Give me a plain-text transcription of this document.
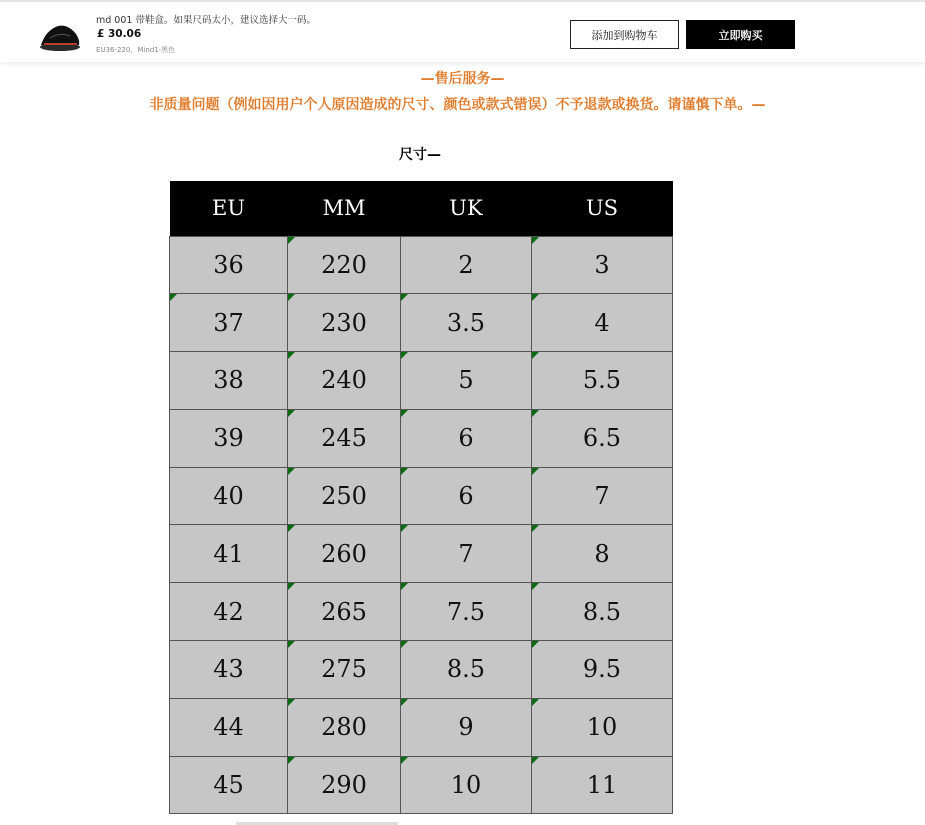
md 001 带鞋盒。如果尺码太小，建议选择大一码。
£ 30.06
EU36-220，Mind1-黑色
添加到购物车	立即购买
—售后服务—
非质量问题（例如因用户个人原因造成的尺寸、颜色或款式错误）不予退款或换货。请谨慎下单。—
尺寸—
EU	MM	UK	US
36	220	2	3
37	230	3.5	4
38	240	5	5.5
39	245	6	6.5
40	250	6	7
41	260	7	8
42	265	7.5	8.5
43	275	8.5	9.5
44	280	9	10
45	290	10	11
